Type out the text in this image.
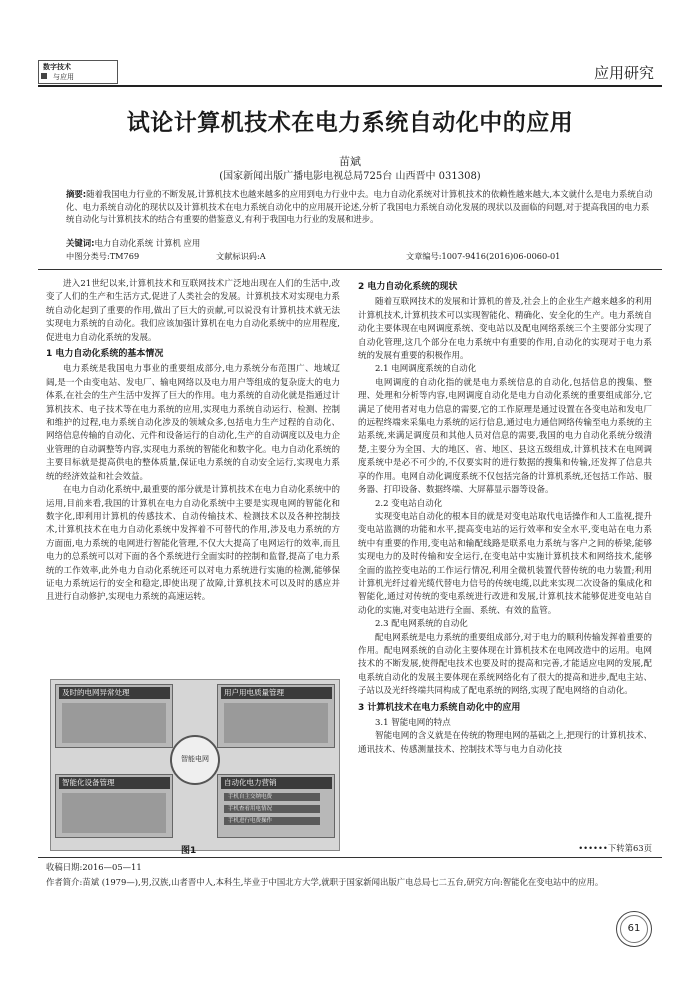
数字技术
与应用	应用研究
试论计算机技术在电力系统自动化中的应用
苗斌
(国家新闻出版广播电影电视总局725台 山西晋中 031308)
摘要:随着我国电力行业的不断发展,计算机技术也越来越多的应用到电力行业中去。电力自动化系统对计算机技术的依赖性越来越大,本文就什么是电力系统自动化、电力系统自动化的现状以及计算机技术在电力系统自动化中的应用展开论述,分析了我国电力系统自动化发展的现状以及面临的问题,对于提高我国的电力系统自动化与计算机技术的结合有重要的借鉴意义,有利于我国电力行业的发展和进步。
关键词:电力自动化系统 计算机 应用
中图分类号:TM769	文献标识码:A	文章编号:1007-9416(2016)06-0060-01

进入21世纪以来,计算机技术和互联网技术广泛地出现在人们的生活中,改变了人们的生产和生活方式,促进了人类社会的发展。计算机技术对实现电力系统自动化起到了重要的作用,做出了巨大的贡献,可以说没有计算机技术就无法实现电力系统的自动化。我们应该加强计算机在电力自动化系统中的应用程度,促进电力自动化系统的发展。

1 电力自动化系统的基本情况

电力系统是我国电力事业的重要组成部分,电力系统分布范围广、地域辽阔,是一个由变电站、发电厂、输电网络以及电力用户等组成的复杂庞大的电力体系,在社会的生产生活中发挥了巨大的作用。电力系统的自动化就是指通过计算机技术、电子技术等在电力系统的应用,实现电力系统自动运行、检测、控制和维护的过程,电力系统自动化涉及的领域众多,包括电力生产过程的自动化、网络信息传输的自动化、元件和设备运行的自动化,生产的自动调度以及电力企业管理的自动调整等内容,实现电力系统的智能化和数字化。电力自动化系统的主要目标就是提高供电的整体质量,保证电力系统的自动安全运行,实现电力系统的经济效益和社会效益。

在电力自动化系统中,最重要的部分就是计算机技术在电力自动化系统中的运用,目前来看,我国的计算机在电力自动化系统中主要是实现电网的智能化和数字化,即利用计算机的传感技术、自动传输技术、检测技术以及各种控制技术,计算机技术在电力自动化系统中发挥着不可替代的作用,涉及电力系统的方方面面,电力系统的电网进行智能化管理,不仅大大提高了电网运行的效率,而且电力的总系统可以对下面的各个系统进行全面实时的控制和监督,提高了电力系统的工作效率,此外电力自动化系统还可以对电力系统进行实施的检测,能够保证电力系统运行的安全和稳定,即使出现了故障,计算机技术可以及时的感应并且进行自动修护,实现电力系统的高速运转。

及时的电网异常处理	用户用电质量管理
智能化设备管理	自动化电力营销
手机自主交纳电费
手机查看用电情况
手机进行电费操作
智能电网
图1
2 电力自动化系统的现状

随着互联网技术的发展和计算机的普及,社会上的企业生产越来越多的利用计算机技术,计算机技术可以实现智能化、精确化、安全化的生产。电力系统自动化主要体现在电网调度系统、变电站以及配电网络系统三个主要部分实现了自动化管理,这几个部分在电力系统中有重要的作用,自动化的实现对于电力系统的发展有重要的积极作用。

2.1 电网调度系统的自动化

电网调度的自动化指的就是电力系统信息的自动化,包括信息的搜集、整理、处理和分析等内容,电网调度自动化是电力自动化系统的重要组成部分,它满足了使用者对电力信息的需要,它的工作原理是通过设置在各变电站和发电厂的远程终端来采集电力系统的运行信息,通过电力通信网络传输至电力系统的主站系统,来满足调度员和其他人员对信息的需要,我国的电力自动化系统分级清楚,主要分为全国、大的地区、省、地区、县这五级组成,计算机技术在电网调度系统中是必不可少的,不仅要实时的进行数据的搜集和传输,还发挥了信息共享的作用。电网自动化调度系统不仅包括完备的计算机系统,还包括工作站、服务器、打印设备、数据终端、大屏幕显示器等设备。

2.2 变电站自动化

实现变电站自动化的根本目的就是对变电站取代电话操作和人工监视,提升变电站监测的功能和水平,提高变电站的运行效率和安全水平,变电站在电力系统中有重要的作用,变电站和输配线路是联系电力系统与客户之间的桥梁,能够实现电力的及时传输和安全运行,在变电站中实施计算机技术和网络技术,能够全面的监控变电站的工作运行情况,利用全微机装置代替传统的电力装置;利用计算机光纤过着光缆代替电力信号的传统电缆,以此来实现二次设备的集成化和智能化,通过对传统的变电系统进行改进和发展,计算机技术能够促进变电站自动化的实施,对变电站进行全面、系统、有效的监管。

2.3 配电网系统的自动化

配电网系统是电力系统的重要组成部分,对于电力的顺利传输发挥着重要的作用。配电网系统的自动化主要体现在计算机技术在电网改造中的运用。电网技术的不断发展,使得配电技术也要及时的提高和完善,才能适应电网的发展,配电系统自动化的发展主要体现在系统网络化有了很大的提高和进步,配电主站、子站以及光纤终端共同构成了配电系统的网络,实现了配电网络的自动化。

3 计算机技术在电力系统自动化中的应用
3.1 智能电网的特点

智能电网的含义就是在传统的物理电网的基础之上,把现行的计算机技术、通讯技术、传感测量技术、控制技术等与电力自动化技

••••••下转第63页
收稿日期:2016—05—11
作者简介:苗斌 (1979—),男,汉族,山者晋中人,本科生,毕业于中国北方大学,就职于国家新闻出版广电总局七二五台,研究方向:智能化在变电站中的应用。
61
